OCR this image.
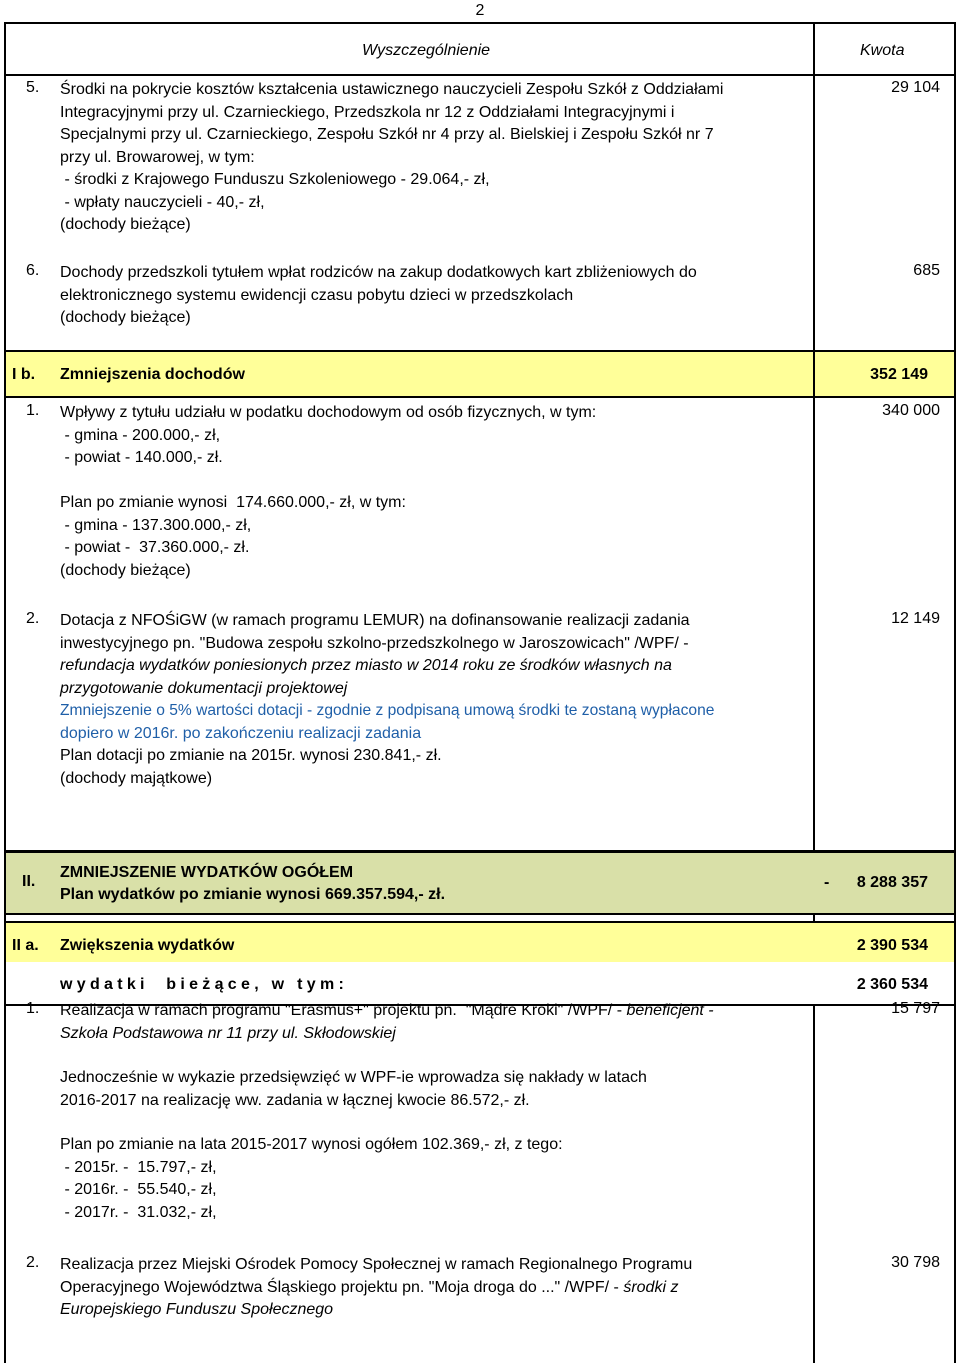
2
Wyszczególnienie	Kwota
5.	Środki na pokrycie kosztów kształcenia ustawicznego nauczycieli Zespołu Szkół z Oddziałami
Integracyjnymi przy ul. Czarnieckiego, Przedszkola nr 12 z Oddziałami Integracyjnymi i
Specjalnymi przy ul. Czarnieckiego, Zespołu Szkół nr 4 przy al. Bielskiej i Zespołu Szkół nr 7
przy ul. Browarowej, w tym:
- środki z Krajowego Funduszu Szkoleniowego - 29.064,- zł,
- wpłaty nauczycieli - 40,- zł,
(dochody bieżące)
29 104
6.	Dochody przedszkoli tytułem wpłat rodziców na zakup dodatkowych kart zbliżeniowych do
elektronicznego systemu ewidencji czasu pobytu dzieci w przedszkolach
(dochody bieżące)
685
I b. Zmniejszenia dochodów	352 149
1.	Wpływy z tytułu udziału w podatku dochodowym od osób fizycznych, w tym:
- gmina - 200.000,- zł,
- powiat - 140.000,- zł.
Plan po zmianie wynosi  174.660.000,- zł, w tym:
- gmina - 137.300.000,- zł,
- powiat -  37.360.000,- zł.
(dochody bieżące)
340 000
2.	Dotacja z NFOŚiGW (w ramach programu LEMUR) na dofinansowanie realizacji zadania
inwestycyjnego pn. "Budowa zespołu szkolno-przedszkolnego w Jaroszowicach" /WPF/ -
refundacja wydatków poniesionych przez miasto w 2014 roku ze środków własnych na
przygotowanie dokumentacji projektowej
Zmniejszenie o 5% wartości dotacji - zgodnie z podpisaną umową środki te zostaną wypłacone
dopiero w 2016r. po zakończeniu realizacji zadania
Plan dotacji po zmianie na 2015r. wynosi 230.841,- zł.
(dochody majątkowe)
12 149
II.
ZMNIEJSZENIE WYDATKÓW OGÓŁEM
Plan wydatków po zmianie wynosi 669.357.594,- zł.
-	8 288 357
II a. Zwiększenia wydatków	2 390 534
wydatki  bieżące, w tym:	2 360 534
1.	Realizacja w ramach programu "Erasmus+" projektu pn.  "Mądre Kroki" /WPF/ - beneficjent -
Szkoła Podstawowa nr 11 przy ul. Skłodowskiej
Jednocześnie w wykazie przedsięwzięć w WPF-ie wprowadza się nakłady w latach
2016-2017 na realizację ww. zadania w łącznej kwocie 86.572,- zł.
Plan po zmianie na lata 2015-2017 wynosi ogółem 102.369,- zł, z tego:
- 2015r. -  15.797,- zł,
- 2016r. -  55.540,- zł,
- 2017r. -  31.032,- zł,
15 797
2.	Realizacja przez Miejski Ośrodek Pomocy Społecznej w ramach Regionalnego Programu
Operacyjnego Województwa Śląskiego projektu pn. "Moja droga do ..." /WPF/ - środki z
Europejskiego Funduszu Społecznego
30 798
